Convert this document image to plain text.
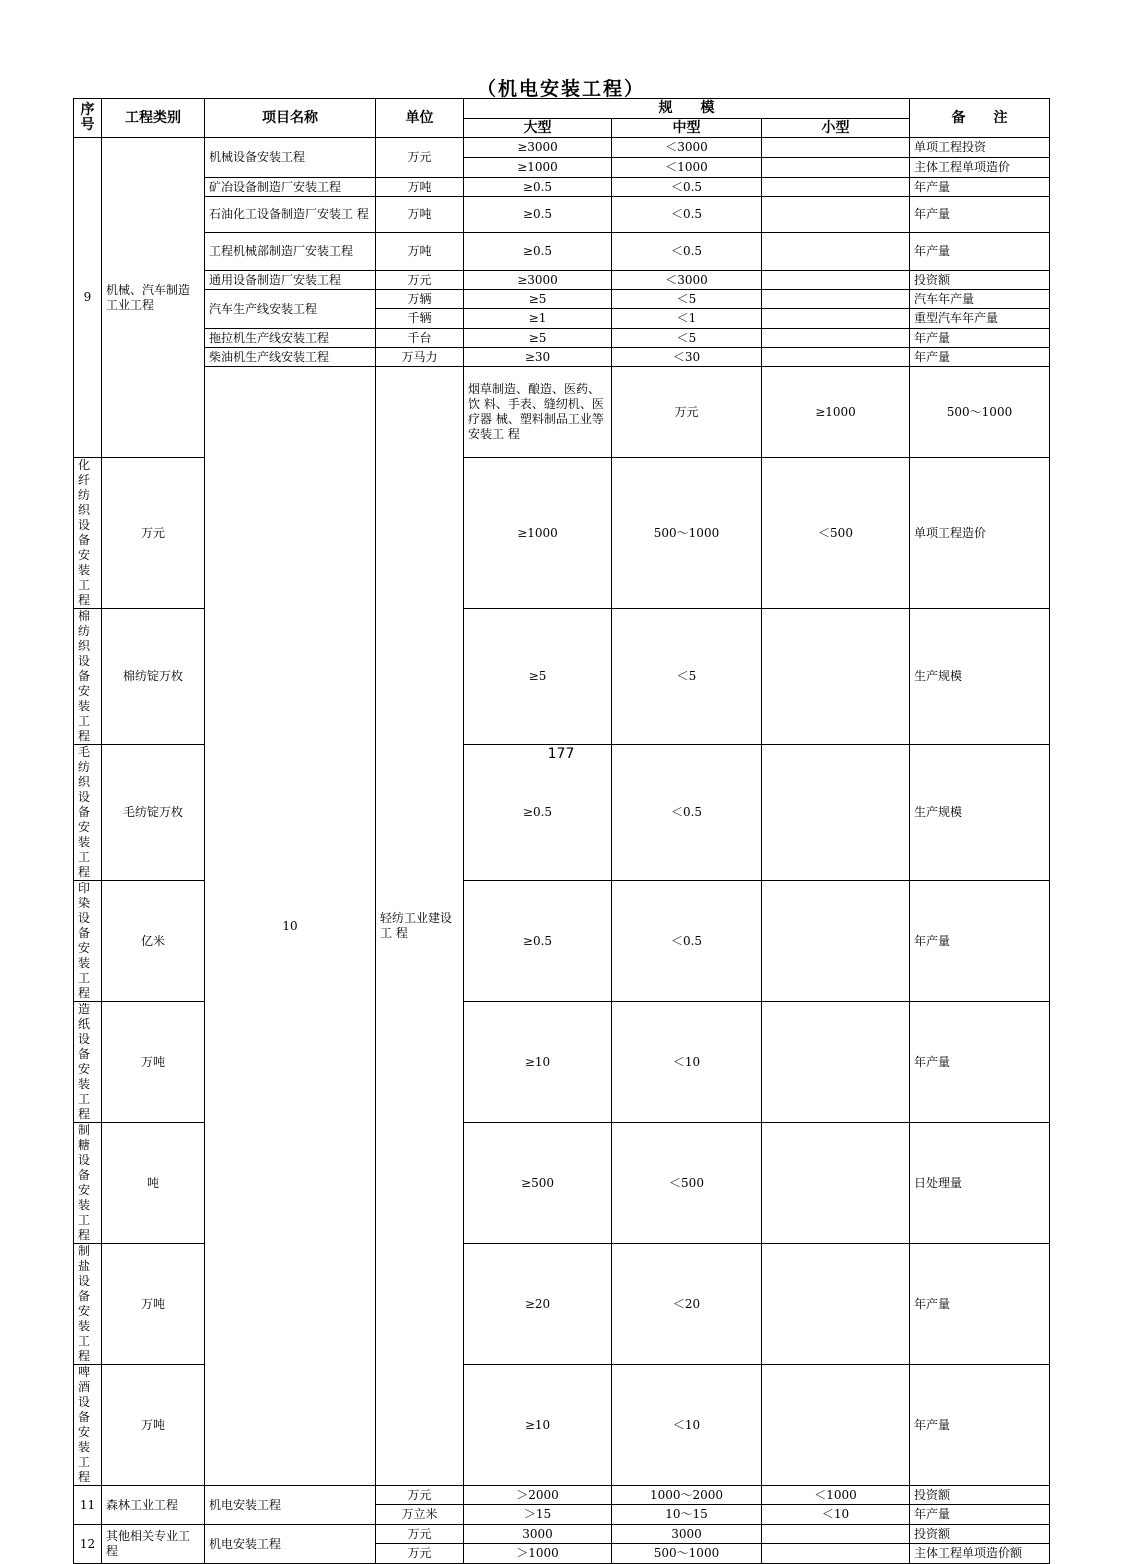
（机电安装工程）
序号	工程类别	项目名称	单位	规　　模			备　　注	
				大型	中型	小型		
9	机械、汽车制造工业工程	机械设备安装工程	万元	≥3000	＜3000		单项工程投资	
				≥1000	＜1000		主体工程单项造价	
		矿冶设备制造厂安装工程	万吨	≥0.5	＜0.5		年产量	
		石油化工设备制造厂安装工 程	万吨	≥0.5	＜0.5		年产量	
		工程机械部制造厂安装工程	万吨	≥0.5	＜0.5		年产量	
		通用设备制造厂安装工程	万元	≥3000	＜3000		投资额	
		汽车生产线安装工程	万辆	≥5	＜5		汽车年产量	
			千辆	≥1	＜1		重型汽车年产量	
		拖拉机生产线安装工程	千台	≥5	＜5		年产量	
		柴油机生产线安装工程	万马力	≥30	＜30		年产量	
		10	轻纺工业建设工 程	烟草制造、酿造、医药、饮 料、手表、缝纫机、医疗器 械、塑料制品工业等安装工 程	万元	≥1000	500～1000		
化纤纺织设备安装工程	万元			≥1000	500～1000	＜500	单项工程造价	
棉纺织设备安装工程	棉纺锭万枚			≥5	＜5		生产规模	
毛纺织设备安装工程	毛纺锭万枚			≥0.5	＜0.5		生产规模	
印染设备安装工程	亿米			≥0.5	＜0.5		年产量	
造纸设备安装工程	万吨			≥10	＜10		年产量	
制糖设备安装工程	吨			≥500	＜500		日处理量	
制盐设备安装工程	万吨			≥20	＜20		年产量	
啤酒设备安装工程	万吨			≥10	＜10		年产量	
11	森林工业工程	机电安装工程	万元	＞2000	1000～2000	＜1000	投资额	
			万立米	＞15	10～15	＜10	年产量	
12	其他相关专业工 程	机电安装工程	万元	3000	3000		投资额	
			万元	＞1000	500～1000		主体工程单项造价额	
177
